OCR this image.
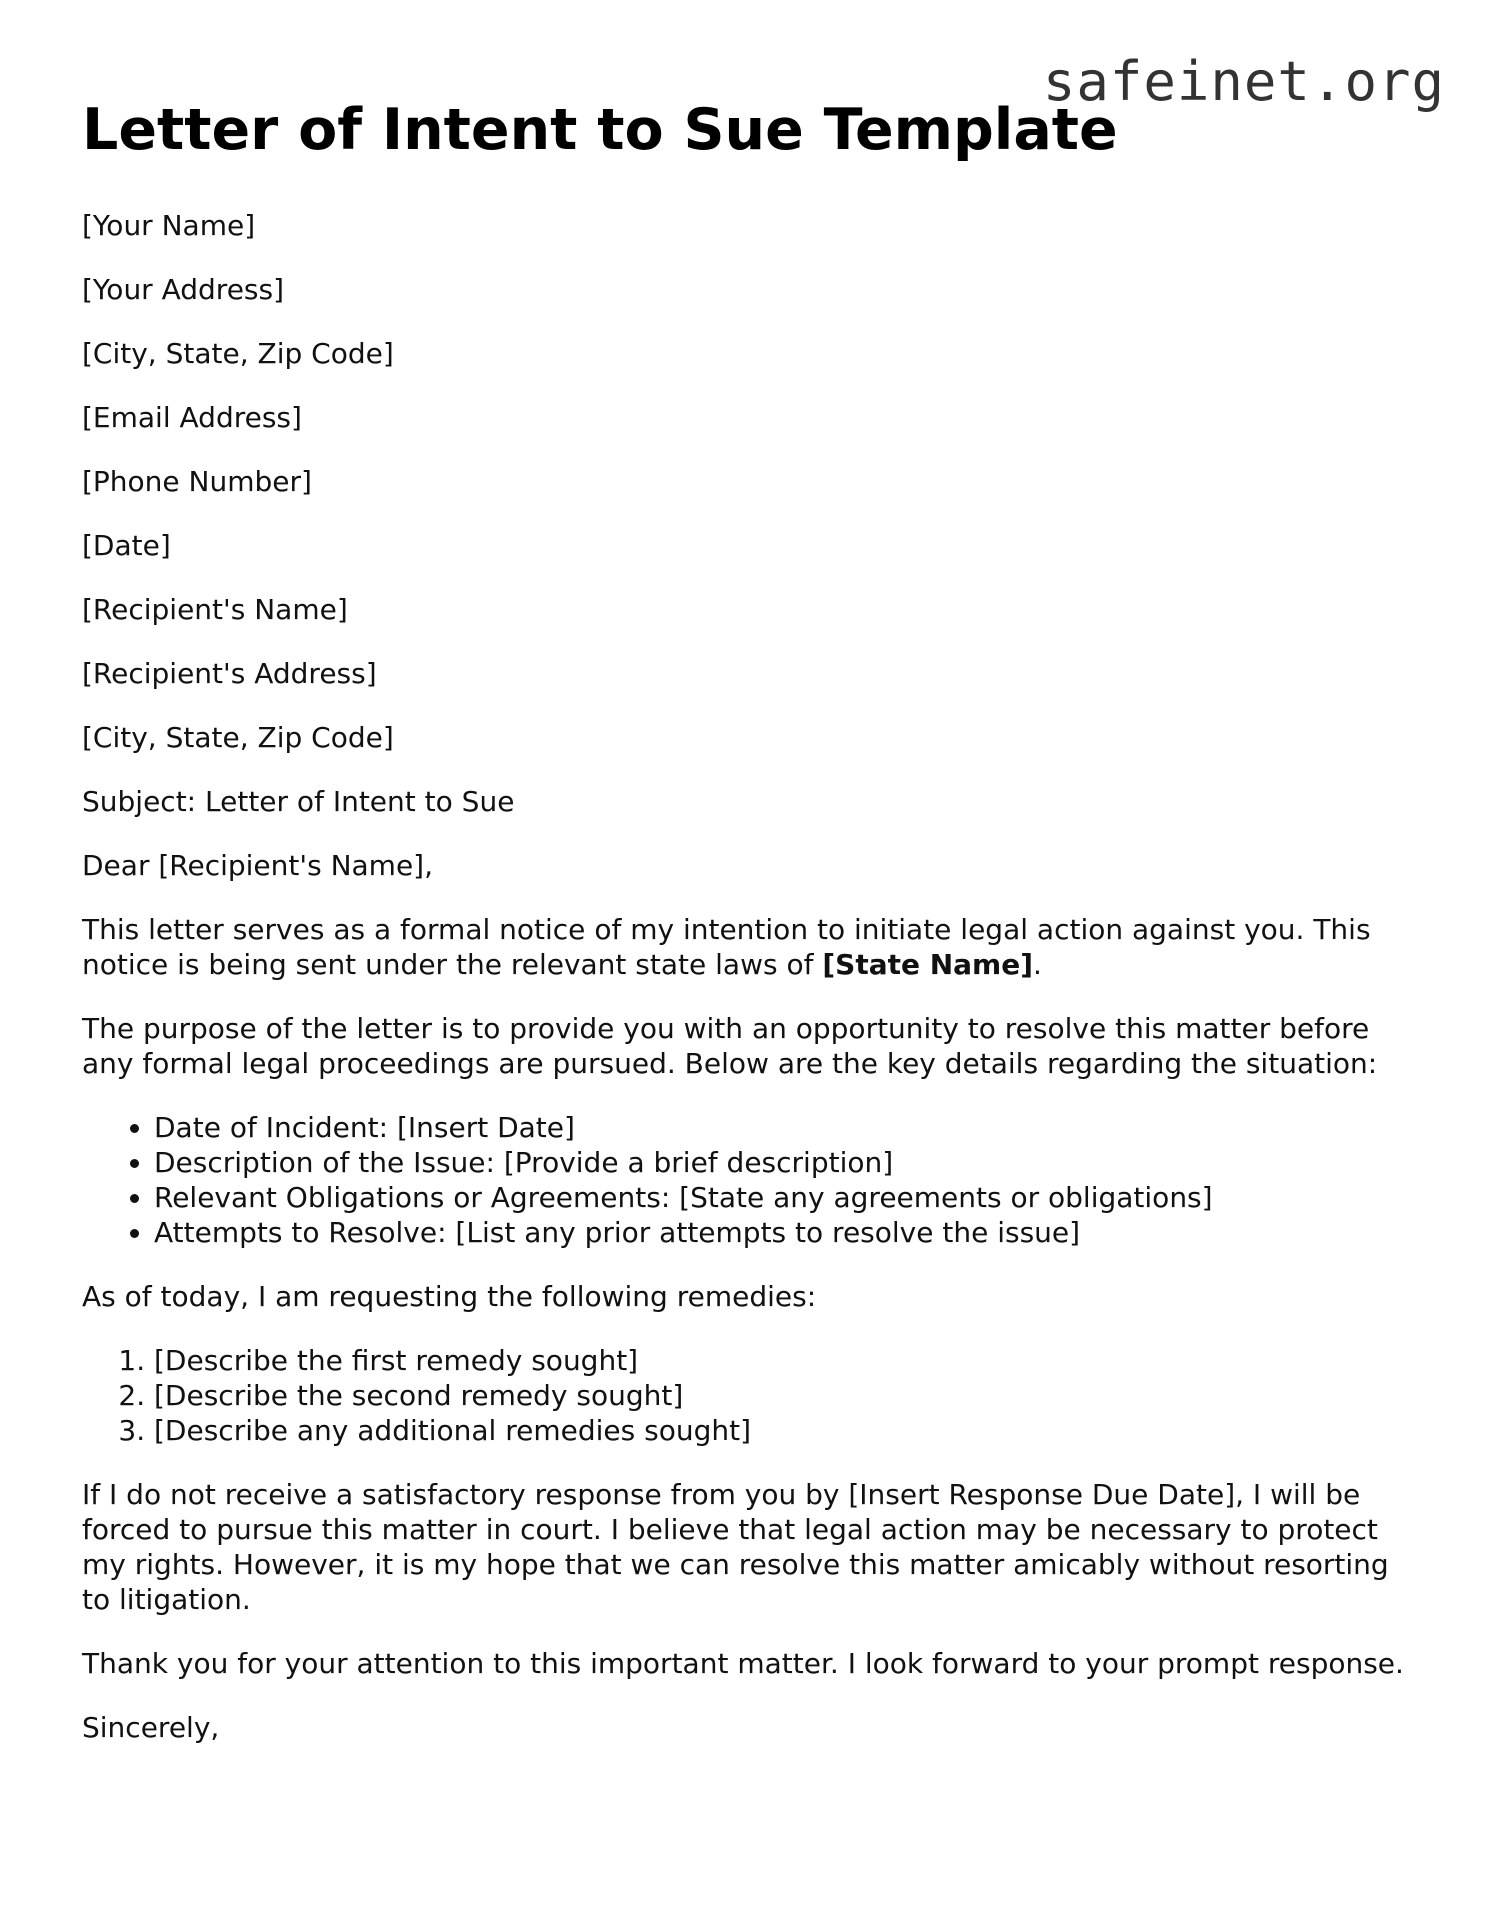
safeinet.org
Letter of Intent to Sue Template

[Your Name]

[Your Address]

[City, State, Zip Code]

[Email Address]

[Phone Number]

[Date]

[Recipient's Name]

[Recipient's Address]

[City, State, Zip Code]

Subject: Letter of Intent to Sue

Dear [Recipient's Name],

This letter serves as a formal notice of my intention to initiate legal action against you. This notice is being sent under the relevant state laws of [State Name].

The purpose of the letter is to provide you with an opportunity to resolve this matter before any formal legal proceedings are pursued. Below are the key details regarding the situation:

• Date of Incident: [Insert Date]
• Description of the Issue: [Provide a brief description]
• Relevant Obligations or Agreements: [State any agreements or obligations]
• Attempts to Resolve: [List any prior attempts to resolve the issue]

As of today, I am requesting the following remedies:

1. [Describe the first remedy sought]
2. [Describe the second remedy sought]
3. [Describe any additional remedies sought]

If I do not receive a satisfactory response from you by [Insert Response Due Date], I will be forced to pursue this matter in court. I believe that legal action may be necessary to protect my rights. However, it is my hope that we can resolve this matter amicably without resorting to litigation.

Thank you for your attention to this important matter. I look forward to your prompt response.

Sincerely,
